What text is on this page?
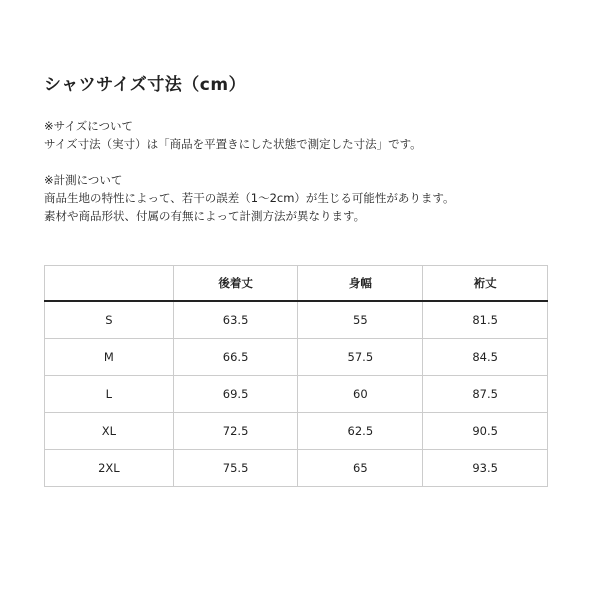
シャツサイズ寸法（cm）

※サイズについて

サイズ寸法（実寸）は「商品を平置きにした状態で測定した寸法」です。

※計測について

商品生地の特性によって、若干の誤差（1〜2cm）が生じる可能性があります。

素材や商品形状、付属の有無によって計測方法が異なります。

	後着丈	身幅	裄丈
S	63.5	55	81.5
M	66.5	57.5	84.5
L	69.5	60	87.5
XL	72.5	62.5	90.5
2XL	75.5	65	93.5
